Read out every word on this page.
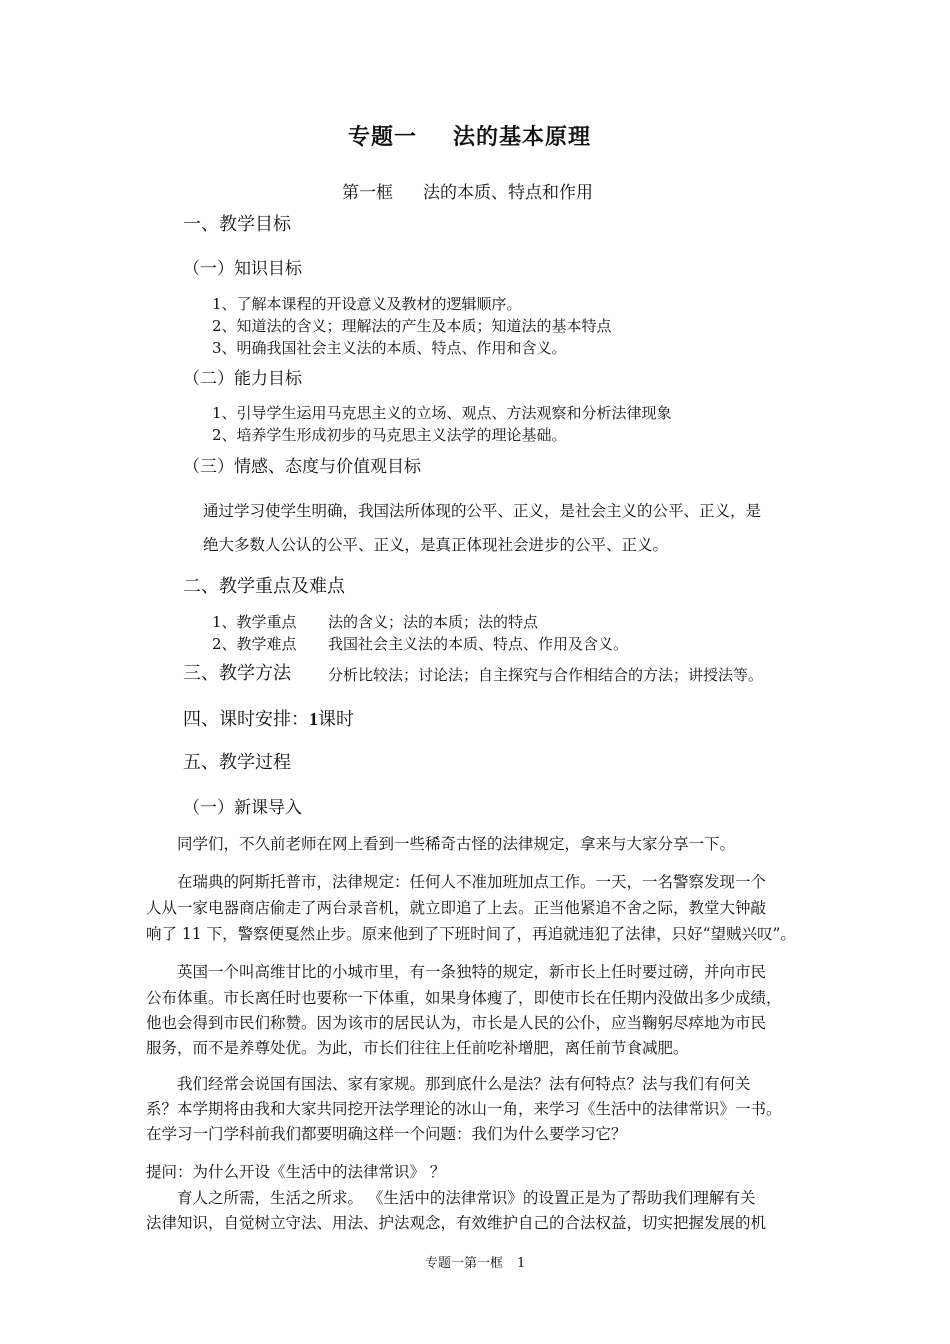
专题一 法的基本原理
第一框 法的本质、特点和作用
一、教学目标
（一）知识目标
1、了解本课程的开设意义及教材的逻辑顺序。
2、知道法的含义；理解法的产生及本质；知道法的基本特点
3、明确我国社会主义法的本质、特点、作用和含义。
（二）能力目标
1、引导学生运用马克思主义的立场、观点、方法观察和分析法律现象
2、培养学生形成初步的马克思主义法学的理论基础。
（三）情感、态度与价值观目标
通过学习使学生明确，我国法所体现的公平、正义，是社会主义的公平、正义，是
绝大多数人公认的公平、正义，是真正体现社会进步的公平、正义。
二、教学重点及难点
1、教学重点 法的含义；法的本质；法的特点
2、教学难点 我国社会主义法的本质、特点、作用及含义。
三、教学方法 分析比较法；讨论法；自主探究与合作相结合的方法；讲授法等。
四、课时安排：1课时
五、教学过程
（一）新课导入
同学们，不久前老师在网上看到一些稀奇古怪的法律规定，拿来与大家分享一下。
在瑞典的阿斯托普市，法律规定：任何人不准加班加点工作。一天，一名警察发现一个
人从一家电器商店偷走了两台录音机，就立即追了上去。正当他紧追不舍之际，教堂大钟敲
响了 11 下，警察便戛然止步。原来他到了下班时间了，再追就违犯了法律，只好“望贼兴叹”。
英国一个叫高维甘比的小城市里，有一条独特的规定，新市长上任时要过磅，并向市民
公布体重。市长离任时也要称一下体重，如果身体瘦了，即使市长在任期内没做出多少成绩，
他也会得到市民们称赞。因为该市的居民认为，市长是人民的公仆，应当鞠躬尽瘁地为市民
服务，而不是养尊处优。为此，市长们往往上任前吃补增肥，离任前节食减肥。
我们经常会说国有国法、家有家规。那到底什么是法？法有何特点？法与我们有何关
系？本学期将由我和大家共同挖开法学理论的冰山一角，来学习《生活中的法律常识》一书。
在学习一门学科前我们都要明确这样一个问题：我们为什么要学习它？
提问：为什么开设《生活中的法律常识》 ？
育人之所需，生活之所求。 《生活中的法律常识》的设置正是为了帮助我们理解有关
法律知识，自觉树立守法、用法、护法观念，有效维护自己的合法权益，切实把握发展的机
专题一第一框 1
